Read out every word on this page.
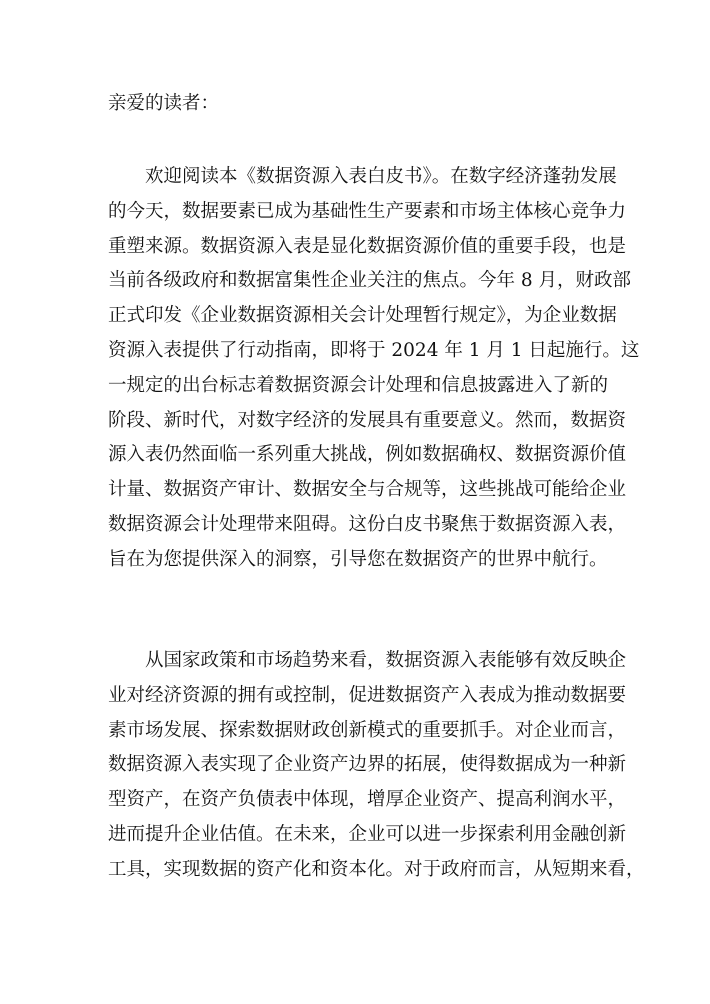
亲爱的读者：
欢迎阅读本《数据资源入表白皮书》。在数字经济蓬勃发展
的今天，数据要素已成为基础性生产要素和市场主体核心竞争力
重塑来源。数据资源入表是显化数据资源价值的重要手段，也是
当前各级政府和数据富集性企业关注的焦点。今年 8 月，财政部
正式印发《企业数据资源相关会计处理暂行规定》，为企业数据
资源入表提供了行动指南，即将于 2024 年 1 月 1 日起施行。这
一规定的出台标志着数据资源会计处理和信息披露进入了新的
阶段、新时代，对数字经济的发展具有重要意义。然而，数据资
源入表仍然面临一系列重大挑战，例如数据确权、数据资源价值
计量、数据资产审计、数据安全与合规等，这些挑战可能给企业
数据资源会计处理带来阻碍。这份白皮书聚焦于数据资源入表，
旨在为您提供深入的洞察，引导您在数据资产的世界中航行。
从国家政策和市场趋势来看，数据资源入表能够有效反映企
业对经济资源的拥有或控制，促进数据资产入表成为推动数据要
素市场发展、探索数据财政创新模式的重要抓手。对企业而言，
数据资源入表实现了企业资产边界的拓展，使得数据成为一种新
型资产，在资产负债表中体现，增厚企业资产、提高利润水平，
进而提升企业估值。在未来，企业可以进一步探索利用金融创新
工具，实现数据的资产化和资本化。对于政府而言，从短期来看，
